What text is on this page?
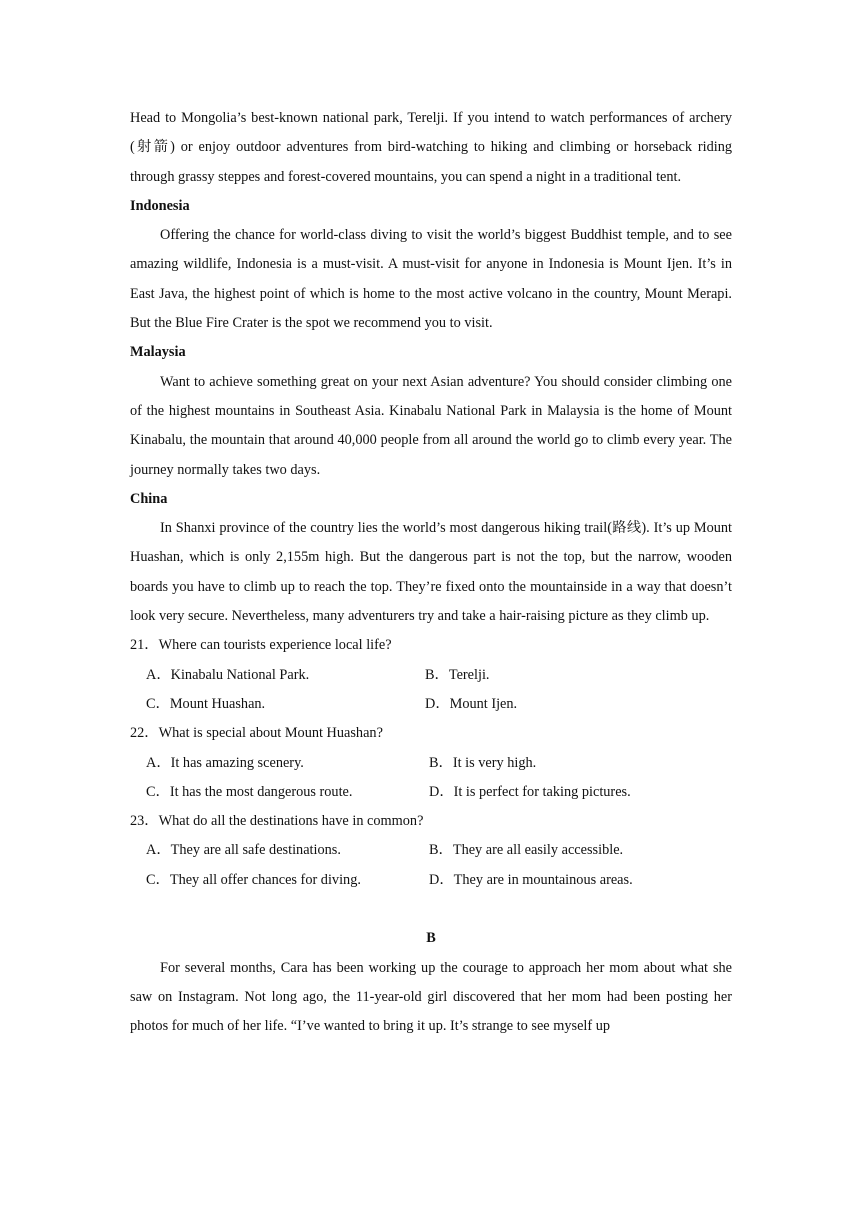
Head to Mongolia’s best-known national park, Terelji. If you intend to watch performances of archery (射箭) or enjoy outdoor adventures from bird-watching to hiking and climbing or horseback riding through grassy steppes and forest-covered mountains, you can spend a night in a traditional tent.
Indonesia
Offering the chance for world-class diving to visit the world’s biggest Buddhist temple, and to see amazing wildlife, Indonesia is a must-visit. A must-visit for anyone in Indonesia is Mount Ijen. It’s in East Java, the highest point of which is home to the most active volcano in the country, Mount Merapi. But the Blue Fire Crater is the spot we recommend you to visit.
Malaysia
Want to achieve something great on your next Asian adventure? You should consider climbing one of the highest mountains in Southeast Asia. Kinabalu National Park in Malaysia is the home of Mount Kinabalu, the mountain that around 40,000 people from all around the world go to climb every year. The journey normally takes two days.
China
In Shanxi province of the country lies the world’s most dangerous hiking trail(路线). It’s up Mount Huashan, which is only 2,155m high. But the dangerous part is not the top, but the narrow, wooden boards you have to climb up to reach the top. They’re fixed onto the mountainside in a way that doesn’t look very secure. Nevertheless, many adventurers try and take a hair-raising picture as they climb up.
21．Where can tourists experience local life?
A．Kinabalu National Park.	B．Terelji.
C．Mount Huashan.	D．Mount Ijen.
22．What is special about Mount Huashan?
A．It has amazing scenery.	B．It is very high.
C．It has the most dangerous route.	D．It is perfect for taking pictures.
23．What do all the destinations have in common?
A．They are all safe destinations.	B．They are all easily accessible.
C．They all offer chances for diving.	D．They are in mountainous areas.
B
For several months, Cara has been working up the courage to approach her mom about what she saw on Instagram. Not long ago, the 11-year-old girl discovered that her mom had been posting her photos for much of her life. “I’ve wanted to bring it up. It’s strange to see myself up
